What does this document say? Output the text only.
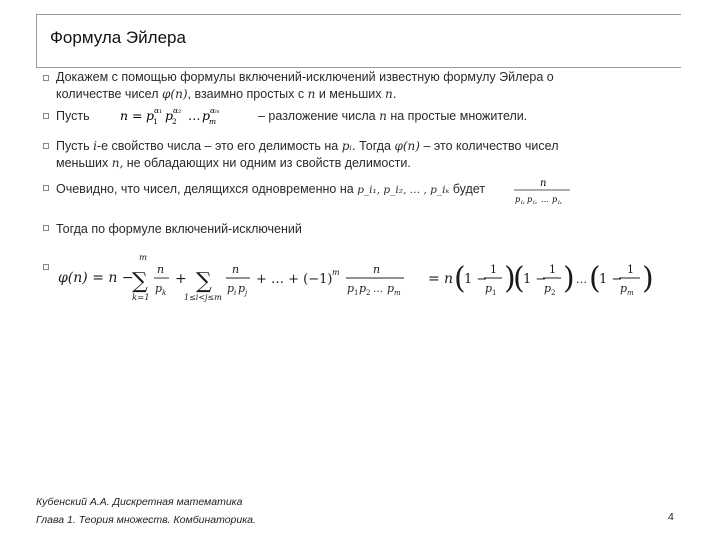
Формула Эйлера
Докажем с помощью формулы включений-исключений известную формулу Эйлера о
количестве чисел φ(n), взаимно простых с n и меньших n.
Пусть n = p
1
α₁ p
2
α₂ … p
m
αₘ	– разложение числа n на простые множители.
Пусть i-е свойство числа – это его делимость на pᵢ. Тогда φ(n) – это количество чисел
меньших n, не обладающих ни одним из свойств делимости.
Очевидно, что чисел, делящихся одновременно на p_i₁, p_i₂, … , p_iₖ будет	n
p i₁ p i₂ … p iₖ
Тогда по формуле включений-исключений
φ(n) = n −
m
∑
k=1
n
p k
+ ∑
1≤i<j≤m
n
p i p j
+ … + (−1) m	n
p 1 p 2 … p m
= n (
1 −
1
p 1 )
(
1 −
1
p 2 ) … (
1 −
1
p m )
Кубенский А.А. Дискретная математика
Глава 1. Теория множеств. Комбинаторика.	4
